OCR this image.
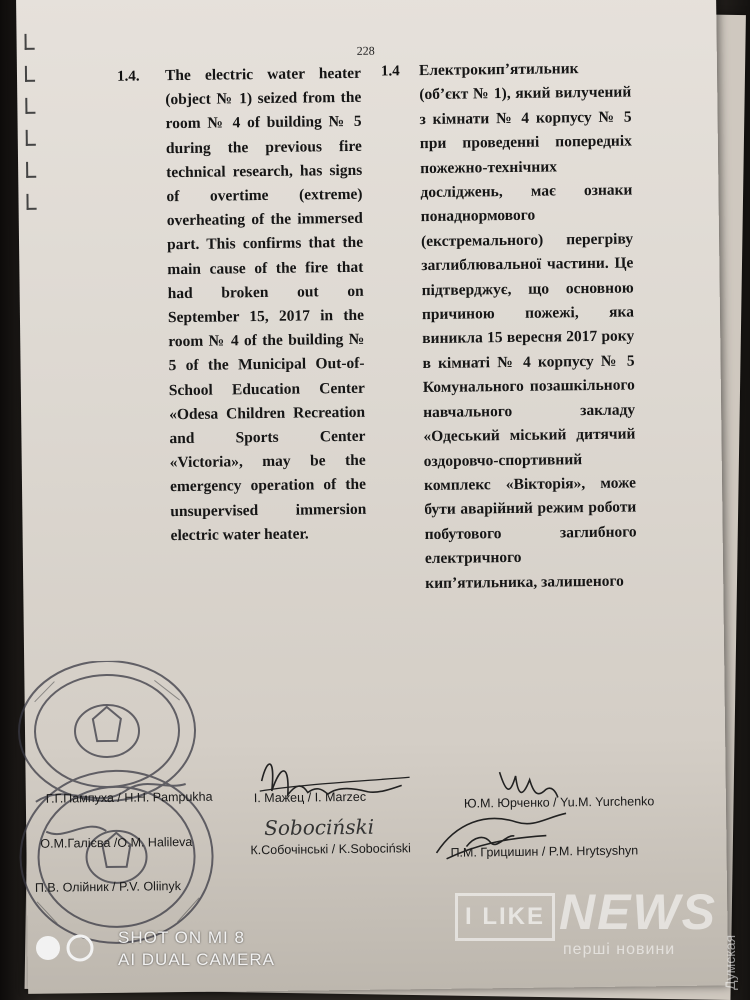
228
1.4.	The electric water heater (object № 1) seized from the room № 4 of building № 5 during the previous fire technical research, has signs of overtime (extreme) overheating of the immersed part. This confirms that the main cause of the fire that had broken out on September 15, 2017 in the room № 4 of the building № 5 of the Municipal Out-of-School Education Center «Odesa Children Recreation and Sports Center «Victoria», may be the emergency operation of the unsupervised immersion electric water heater.
1.4	Електрокип’ятильник (об’єкт № 1), який вилучений з кімнати № 4 корпусу № 5 при проведенні попередніх пожежно-технічних досліджень, має ознаки понаднормового (екстремального) перегріву заглиблювальної частини. Це підтверджує, що основною причиною пожежі, яка виникла 15 вересня 2017 року в кімнаті № 4 корпусу № 5 Комунального позашкільного навчального закладу «Одеський міський дитячий оздоровчо-спортивний комплекс «Вікторія», може бути аварійний режим роботи побутового заглибного електричного кип’ятильника, залишеного
Г.Г.Пампуха / H.H. Pampukha
О.М.Галієва /О.М. Halileva
П.В. Олійник / P.V. Oliinyk
I. Мажец / I. Marzec
К.Собочінські / K.Sobociński
Ю.М. Юрченко / Yu.M. Yurchenko
П.М. Грицишин / P.M. Hrytsyshyn
Sobociński
SHOT ON MI 8
AI DUAL CAMERA
I LIKE NEWS
перші новини	Думская
